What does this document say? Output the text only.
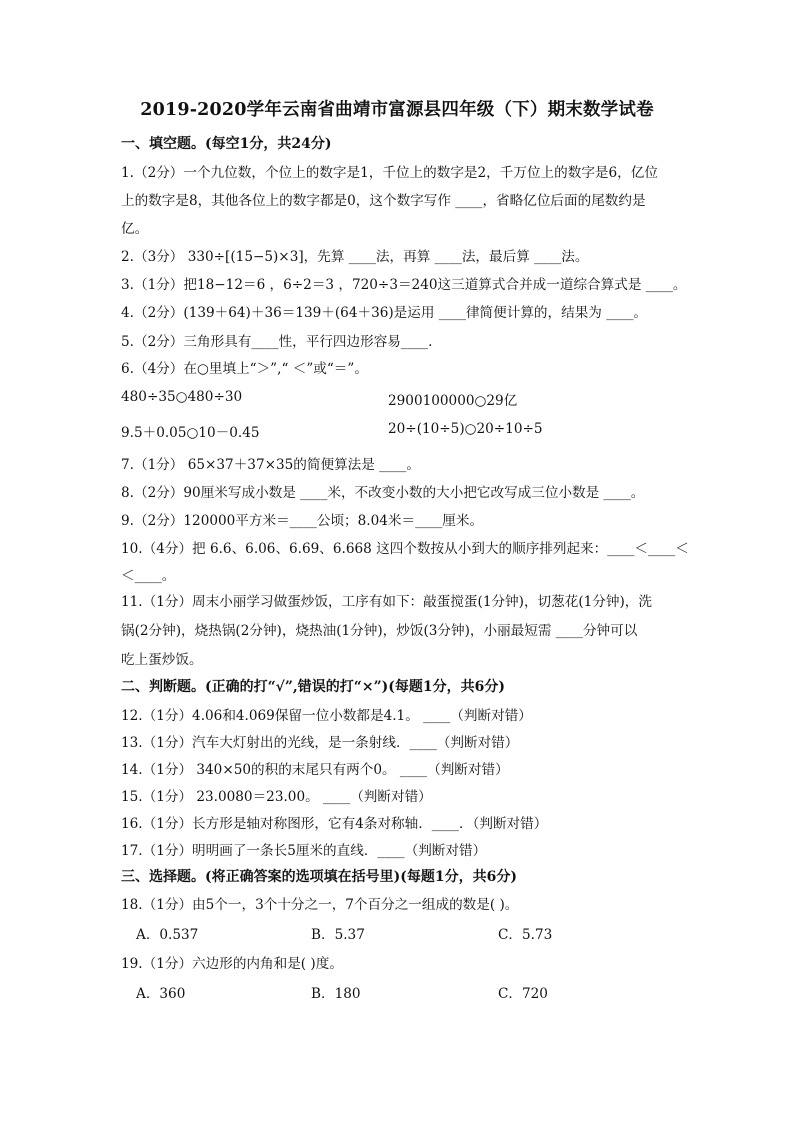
2019-2020学年云南省曲靖市富源县四年级（下）期末数学试卷
一、填空题。(每空1分，共24分)
1.（2分）一个九位数，个位上的数字是1，千位上的数字是2，千万位上的数字是6，亿位
上的数字是8，其他各位上的数字都是0，这个数字写作 ____，省略亿位后面的尾数约是
亿。
2.（3分） 330÷[(15−5)×3]，先算 ____法，再算 ____法，最后算 ____法。
3.（1分）把18−12＝6 ，6÷2＝3 ，720÷3＝240这三道算式合并成一道综合算式是 ____。
4.（2分）(139＋64)＋36＝139＋(64＋36)是运用 ____律简便计算的，结果为 ____。
5.（2分）三角形具有____性，平行四边形容易____.
6.（4分）在○里填上“＞”,“ ＜”或“＝”。
480÷35○480÷30	2900100000○29亿
9.5＋0.05○10－0.45	20÷(10÷5)○20÷10÷5
7.（1分） 65×37＋37×35的简便算法是 ____。
8.（2分）90厘米写成小数是 ____米，不改变小数的大小把它改写成三位小数是 ____。
9.（2分）120000平方米＝____公顷；8.04米＝____厘米。
10.（4分）把 6.6、6.06、6.69、6.668 这四个数按从小到大的顺序排列起来：____＜____＜
＜____。
11.（1分）周末小丽学习做蛋炒饭，工序有如下：敲蛋搅蛋(1分钟)，切葱花(1分钟)，洗
锅(2分钟)，烧热锅(2分钟)，烧热油(1分钟)，炒饭(3分钟)，小丽最短需 ____分钟可以
吃上蛋炒饭。
二、判断题。(正确的打“√”,错误的打“×”)(每题1分，共6分)
12.（1分）4.06和4.069保留一位小数都是4.1。 ____（判断对错）
13.（1分）汽车大灯射出的光线，是一条射线．____（判断对错）
14.（1分） 340×50的积的末尾只有两个0。 ____（判断对错）
15.（1分） 23.0080＝23.00。 ____（判断对错）
16.（1分）长方形是轴对称图形，它有4条对称轴．____．（判断对错）
17.（1分）明明画了一条长5厘米的直线．____（判断对错）
三、选择题。(将正确答案的选项填在括号里)(每题1分，共6分)
18.（1分）由5个一，3个十分之一，7个百分之一组成的数是( )。
A．0.537	B．5.37	C．5.73
19.（1分）六边形的内角和是( )度。
A．360	B．180	C．720
